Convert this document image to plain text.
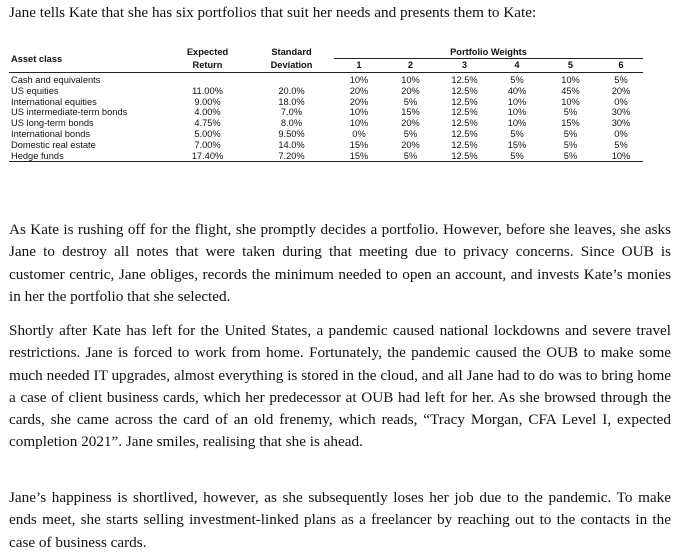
Jane tells Kate that she has six portfolios that suit her needs and presents them to Kate:

Asset class	Expected	Standard	Portfolio Weights					
	Return	Deviation	1	2	3	4	5	6
Cash and equivalents			10%	10%	12.5%	5%	10%	5%
US equities	11.00%	20.0%	20%	20%	12.5%	40%	45%	20%
International equities	9.00%	18.0%	20%	5%	12.5%	10%	10%	0%
US intermediate-term bonds	4.00%	7.0%	10%	15%	12.5%	10%	5%	30%
US long-term bonds	4.75%	8.0%	10%	20%	12.5%	10%	15%	30%
International bonds	5.00%	9.50%	0%	5%	12.5%	5%	5%	0%
Domestic real estate	7.00%	14.0%	15%	20%	12.5%	15%	5%	5%
Hedge funds	17.40%	7.20%	15%	5%	12.5%	5%	5%	10%

As Kate is rushing off for the flight, she promptly decides a portfolio. However, before she leaves, she asks Jane to destroy all notes that were taken during that meeting due to privacy concerns. Since OUB is customer centric, Jane obliges, records the minimum needed to open an account, and invests Kate’s monies in her the portfolio that she selected.

Shortly after Kate has left for the United States, a pandemic caused national lockdowns and severe travel restrictions. Jane is forced to work from home. Fortunately, the pandemic caused the OUB to make some much needed IT upgrades, almost everything is stored in the cloud, and all Jane had to do was to bring home a case of client business cards, which her predecessor at OUB had left for her. As she browsed through the cards, she came across the card of an old frenemy, which reads, “Tracy Morgan, CFA Level I, expected completion 2021”. Jane smiles, realising that she is ahead.

Jane’s happiness is shortlived, however, as she subsequently loses her job due to the pandemic. To make ends meet, she starts selling investment-linked plans as a freelancer by reaching out to the contacts in the case of business cards.
